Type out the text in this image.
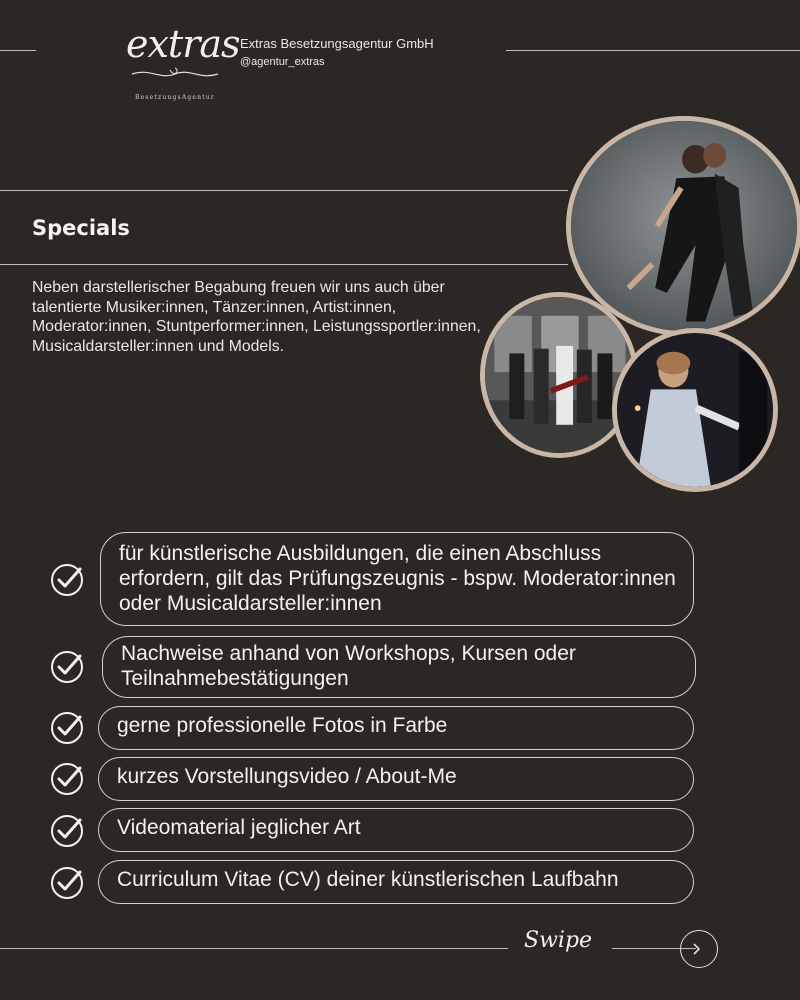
extras
BesetzungsAgentur
Extras Besetzungsagentur GmbH
@agentur_extras
Specials
Neben darstellerischer Begabung freuen wir uns auch über talentierte Musiker:innen, Tänzer:innen, Artist:innen, Moderator:innen, Stuntperformer:innen, Leistungssportler:innen, Musicaldarsteller:innen und Models.
für künstlerische Ausbildungen, die einen Abschluss erfordern, gilt das Prüfungszeugnis - bspw. Moderator:innen oder Musicaldarsteller:innen
Nachweise anhand von Workshops, Kursen oder Teilnahmebestätigungen
gerne professionelle Fotos in Farbe
kurzes Vorstellungsvideo / About-Me
Videomaterial jeglicher Art
Curriculum Vitae (CV) deiner künstlerischen Laufbahn
Swipe
